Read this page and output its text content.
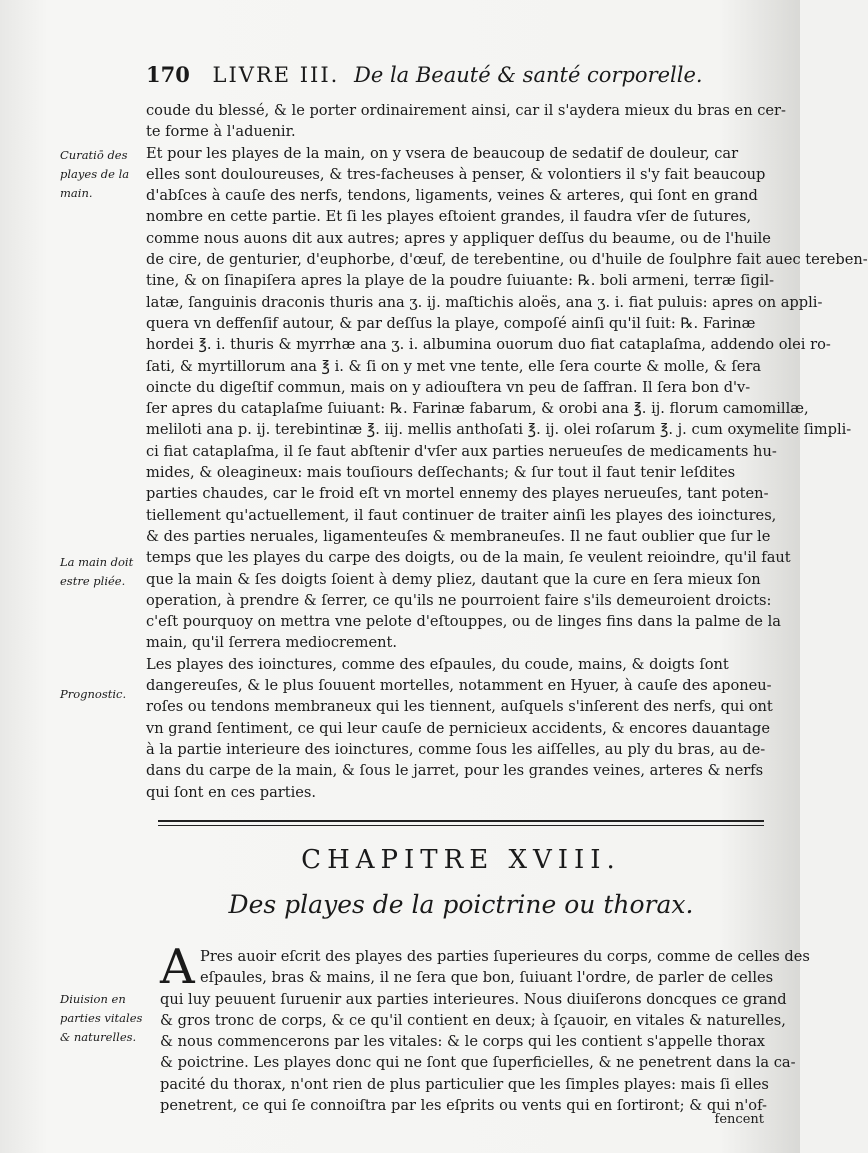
170 LIVRE III. De la Beauté & santé corporelle.
Curatiō des playes de la main.
La main doit estre pliée.
Prognostic.
Diuision en parties vitales & naturelles.
coude du blessé, & le porter ordinairement ainsi, car il s'aydera mieux du bras en cer-
te forme à l'aduenir.
Et pour les playes de la main, on y vsera de beaucoup de sedatif de douleur, car
elles sont douloureuses, & tres-facheuses à penser, & volontiers il s'y fait beaucoup
d'abſces à cauſe des nerfs, tendons, ligaments, veines & arteres, qui ſont en grand
nombre en cette partie. Et ſi les playes eſtoient grandes, il faudra vſer de ſutures,
comme nous auons dit aux autres; apres y appliquer deſſus du beaume, ou de l'huile
de cire, de genturier, d'euphorbe, d'œuf, de terebentine, ou d'huile de ſoulphre fait auec tereben-
tine, & on ſinapiſera apres la playe de la poudre ſuiuante: ℞. boli armeni, terræ ſigil-
latæ, ſanguinis draconis thuris ana ʒ. ij. maſtichis aloës, ana ʒ. i. fiat puluis: apres on appli-
quera vn deffenſif autour, & par deſſus la playe, compoſé ainſi qu'il ſuit: ℞. Farinæ
hordei ℥. i. thuris & myrrhæ ana ʒ. i. albumina ouorum duo fiat cataplaſma, addendo olei ro-
ſati, & myrtillorum ana ℥ i. & ſi on y met vne tente, elle ſera courte & molle, & ſera
oincte du digeſtif commun, mais on y adiouſtera vn peu de ſaffran. Il ſera bon d'v-
ſer apres du cataplaſme ſuiuant: ℞. Farinæ fabarum, & orobi ana ℥. ij. florum camomillæ,
meliloti ana p. ij. terebintinæ ℥. iij. mellis anthoſati ℥. ij. olei roſarum ℥. j. cum oxymelite ſimpli-
ci fiat cataplaſma, il ſe faut abſtenir d'vſer aux parties nerueuſes de medicaments hu-
mides, & oleagineux: mais touſiours deſſechants; & ſur tout il faut tenir leſdites
parties chaudes, car le froid eſt vn mortel ennemy des playes nerueuſes, tant poten-
tiellement qu'actuellement, il faut continuer de traiter ainſi les playes des ioinctures,
& des parties neruales, ligamenteuſes & membraneuſes. Il ne faut oublier que ſur le
temps que les playes du carpe des doigts, ou de la main, ſe veulent reioindre, qu'il faut
que la main & ſes doigts ſoient à demy pliez, dautant que la cure en ſera mieux ſon
operation, à prendre & ſerrer, ce qu'ils ne pourroient faire s'ils demeuroient droicts:
c'eſt pourquoy on mettra vne pelote d'eſtouppes, ou de linges fins dans la palme de la
main, qu'il ſerrera mediocrement.
Les playes des ioinctures, comme des eſpaules, du coude, mains, & doigts ſont
dangereuſes, & le plus ſouuent mortelles, notamment en Hyuer, à cauſe des aponeu-
roſes ou tendons membraneux qui les tiennent, auſquels s'inſerent des nerfs, qui ont
vn grand ſentiment, ce qui leur cauſe de pernicieux accidents, & encores dauantage
à la partie interieure des ioinctures, comme ſous les aiſſelles, au ply du bras, au de-
dans du carpe de la main, & ſous le jarret, pour les grandes veines, arteres & nerfs
qui ſont en ces parties.
CHAPITRE XVIII.
Des playes de la poictrine ou thorax.
A Pres auoir eſcrit des playes des parties ſuperieures du corps, comme de celles des
eſpaules, bras & mains, il ne ſera que bon, ſuiuant l'ordre, de parler de celles
qui luy peuuent ſuruenir aux parties interieures. Nous diuiſerons doncques ce grand
& gros tronc de corps, & ce qu'il contient en deux; à ſçauoir, en vitales & naturelles,
& nous commencerons par les vitales: & le corps qui les contient s'appelle thorax
& poictrine. Les playes donc qui ne ſont que ſuperficielles, & ne penetrent dans la ca-
pacité du thorax, n'ont rien de plus particulier que les ſimples playes: mais ſi elles
penetrent, ce qui ſe connoiſtra par les eſprits ou vents qui en ſortiront; & qui n'of-
fencent
